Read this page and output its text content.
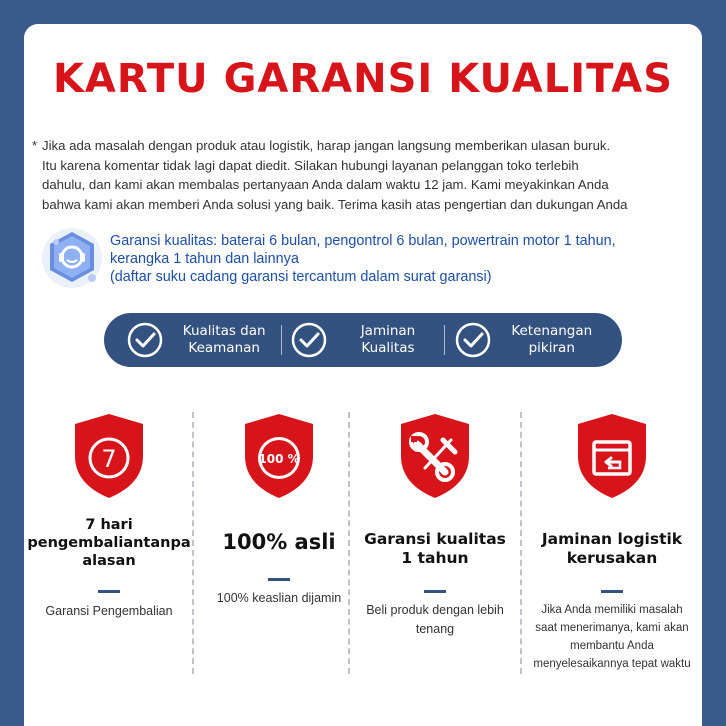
KARTU GARANSI KUALITAS
* Jika ada masalah dengan produk atau logistik, harap jangan langsung memberikan ulasan buruk.

Itu karena komentar tidak lagi dapat diedit. Silakan hubungi layanan pelanggan toko terlebih

dahulu, dan kami akan membalas pertanyaan Anda dalam waktu 12 jam. Kami meyakinkan Anda

bahwa kami akan memberi Anda solusi yang baik. Terima kasih atas pengertian dan dukungan Anda

Garansi kualitas: baterai 6 bulan, pengontrol 6 bulan, powertrain motor 1 tahun,
kerangka 1 tahun dan lainnya
(daftar suku cadang garansi tercantum dalam surat garansi)
Kualitas dan
Keamanan
Jaminan
Kualitas
Ketenangan
pikiran
7
7 hari
pengembaliantanpa
alasan
Garansi Pengembalian
100 %
100% asli
100% keaslian dijamin
Garansi kualitas
1 tahun
Beli produk dengan lebih
tenang
Jaminan logistik
kerusakan
Jika Anda memiliki masalah
saat menerimanya, kami akan
membantu Anda
menyelesaikannya tepat waktu
